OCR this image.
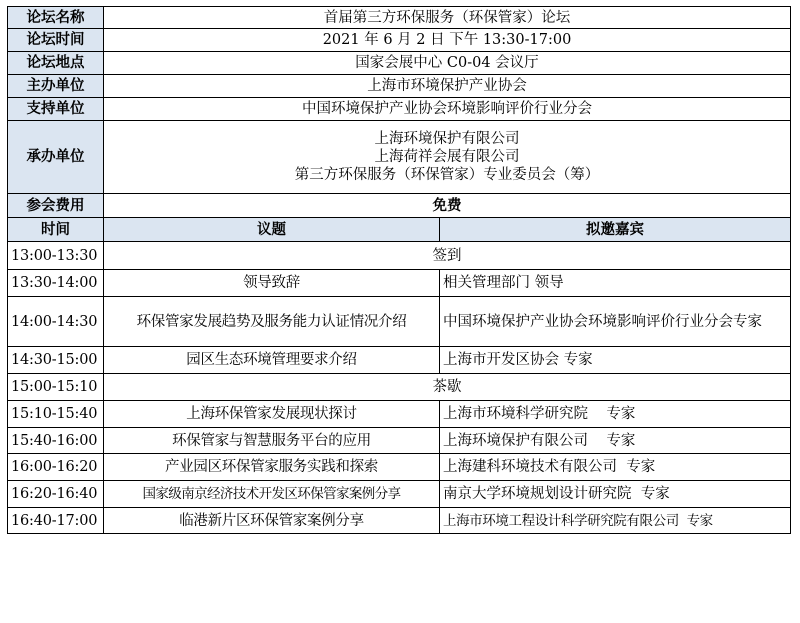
论坛名称	首届第三方环保服务（环保管家）论坛	
论坛时间	2021 年 6 月 2 日 下午 13:30-17:00	
论坛地点	国家会展中心 C0-04 会议厅	
主办单位	上海市环境保护产业协会	
支持单位	中国环境保护产业协会环境影响评价行业分会	
承办单位	上海环境保护有限公司
上海荷祥会展有限公司
第三方环保服务（环保管家）专业委员会（筹）	

参会费用	免费	
时间	议题	拟邀嘉宾
13:00-13:30	签到	
13:30-14:00	领导致辞	相关管理部门 领导
14:00-14:30	环保管家发展趋势及服务能力认证情况介绍	中国环境保护产业协会环境影响评价行业分会专家
14:30-15:00	园区生态环境管理要求介绍	上海市开发区协会 专家
15:00-15:10	茶歇	
15:10-15:40	上海环保管家发展现状探讨	上海市环境科学研究院    专家
15:40-16:00	环保管家与智慧服务平台的应用	上海环境保护有限公司    专家
16:00-16:20	产业园区环保管家服务实践和探索	上海建科环境技术有限公司  专家
16:20-16:40	国家级南京经济技术开发区环保管家案例分享	南京大学环境规划设计研究院  专家
16:40-17:00	临港新片区环保管家案例分享	上海市环境工程设计科学研究院有限公司  专家
